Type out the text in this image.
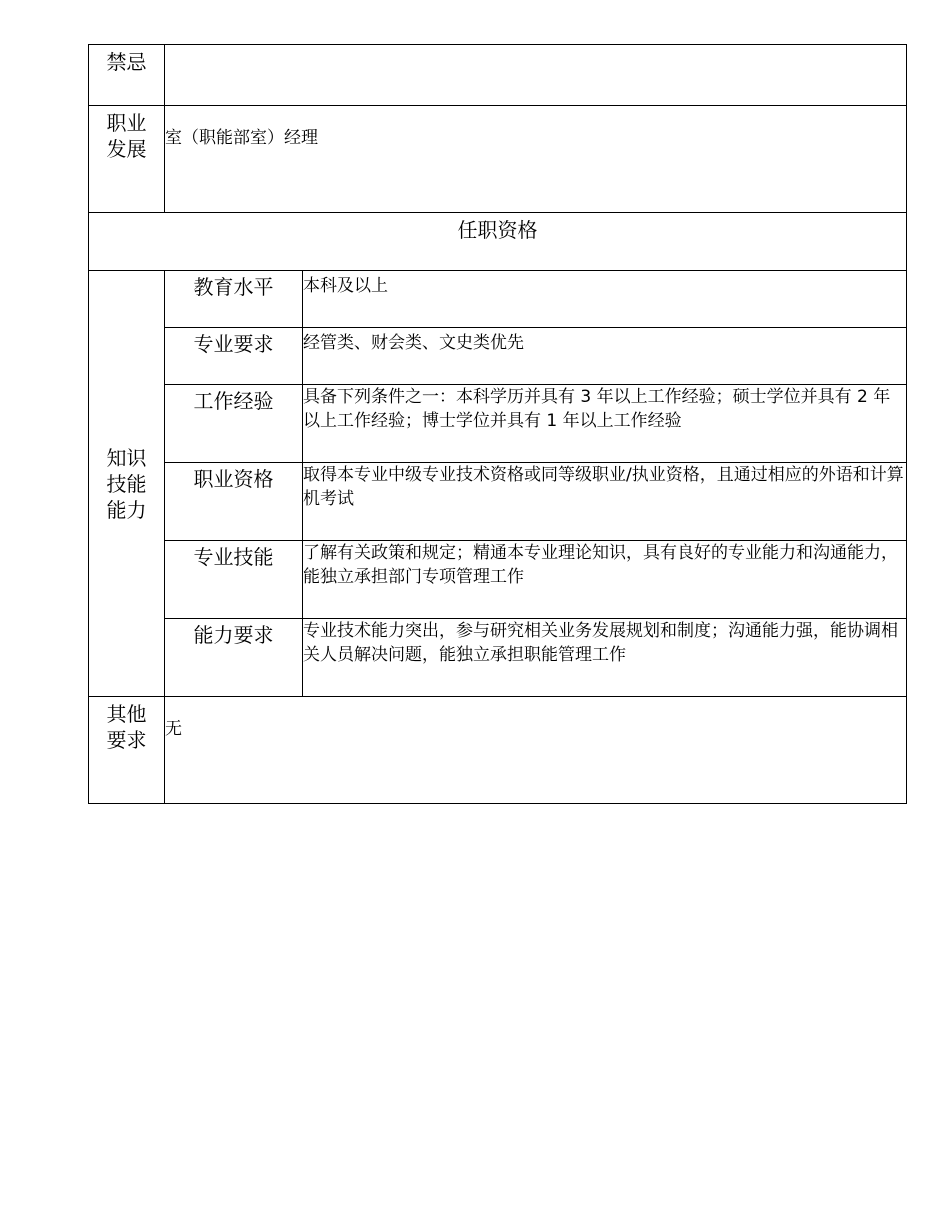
禁忌		
职业发展	室（职能部室）经理	
任职资格		
知识技能能力	教育水平	本科及以上
	专业要求	经管类、财会类、文史类优先
	工作经验	具备下列条件之一：本科学历并具有 3 年以上工作经验；硕士学位并具有 2 年以上工作经验；博士学位并具有 1 年以上工作经验
	职业资格	取得本专业中级专业技术资格或同等级职业/执业资格，且通过相应的外语和计算机考试
	专业技能	了解有关政策和规定；精通本专业理论知识，具有良好的专业能力和沟通能力，能独立承担部门专项管理工作
	能力要求	专业技术能力突出，参与研究相关业务发展规划和制度；沟通能力强，能协调相关人员解决问题，能独立承担职能管理工作
其他要求	无	
